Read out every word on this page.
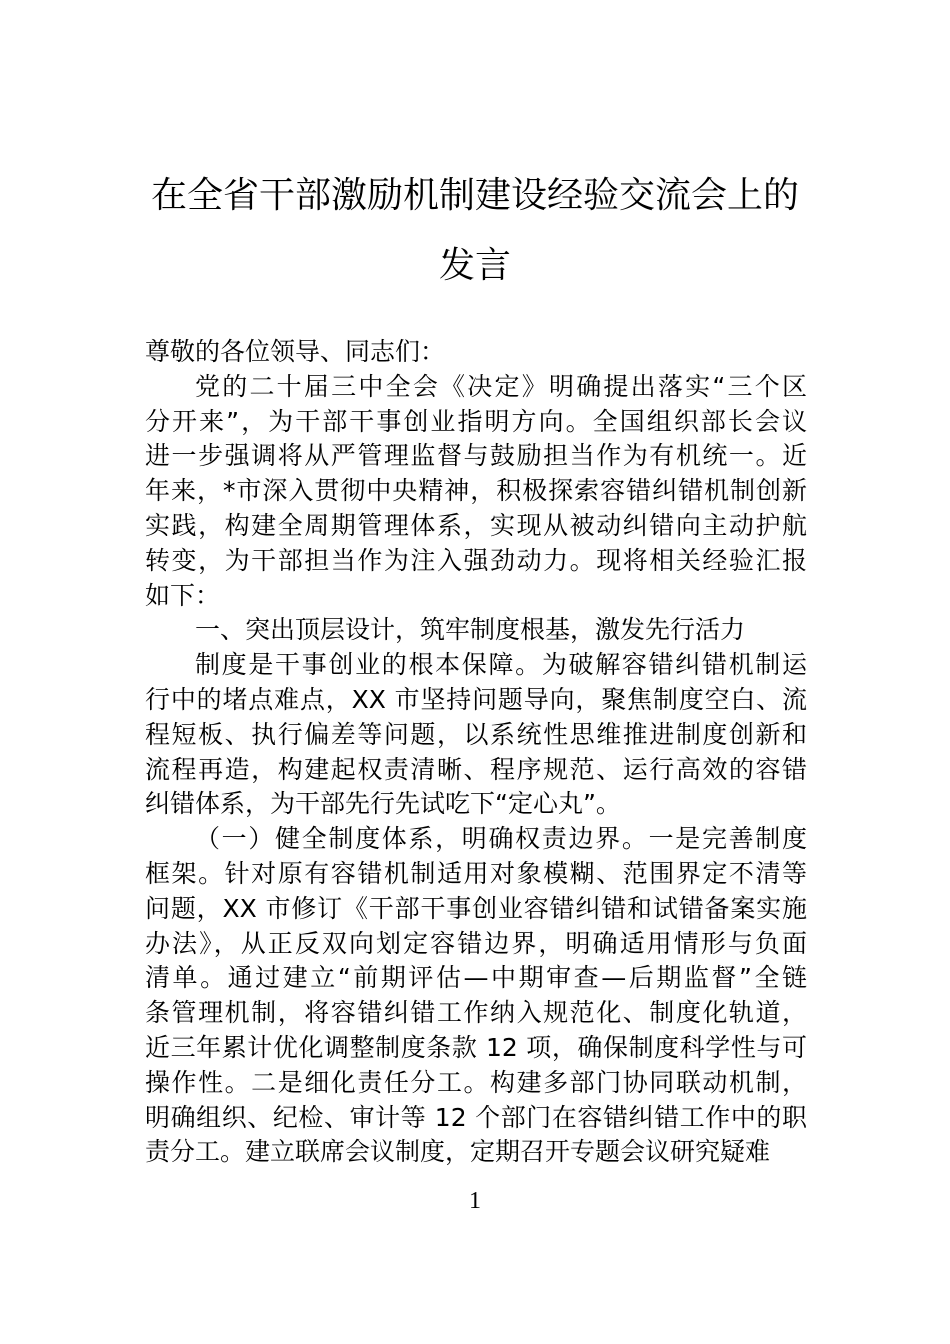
在全省干部激励机制建设经验交流会上的
发言
尊敬的各位领导、同志们：
党的二十届三中全会《决定》明确提出落实“三个区
分开来”，为干部干事创业指明方向。全国组织部长会议
进一步强调将从严管理监督与鼓励担当作为有机统一。近
年来，*市深入贯彻中央精神，积极探索容错纠错机制创新
实践，构建全周期管理体系，实现从被动纠错向主动护航
转变，为干部担当作为注入强劲动力。现将相关经验汇报
如下：
一、突出顶层设计，筑牢制度根基，激发先行活力
制度是干事创业的根本保障。为破解容错纠错机制运
行中的堵点难点，XX 市坚持问题导向，聚焦制度空白、流
程短板、执行偏差等问题，以系统性思维推进制度创新和
流程再造，构建起权责清晰、程序规范、运行高效的容错
纠错体系，为干部先行先试吃下“定心丸”。
（一）健全制度体系，明确权责边界。一是完善制度
框架。针对原有容错机制适用对象模糊、范围界定不清等
问题，XX 市修订《干部干事创业容错纠错和试错备案实施
办法》，从正反双向划定容错边界，明确适用情形与负面
清单。通过建立“前期评估—中期审查—后期监督”全链
条管理机制，将容错纠错工作纳入规范化、制度化轨道，
近三年累计优化调整制度条款 12 项，确保制度科学性与可
操作性。二是细化责任分工。构建多部门协同联动机制，
明确组织、纪检、审计等 12 个部门在容错纠错工作中的职
责分工。建立联席会议制度，定期召开专题会议研究疑难
1
